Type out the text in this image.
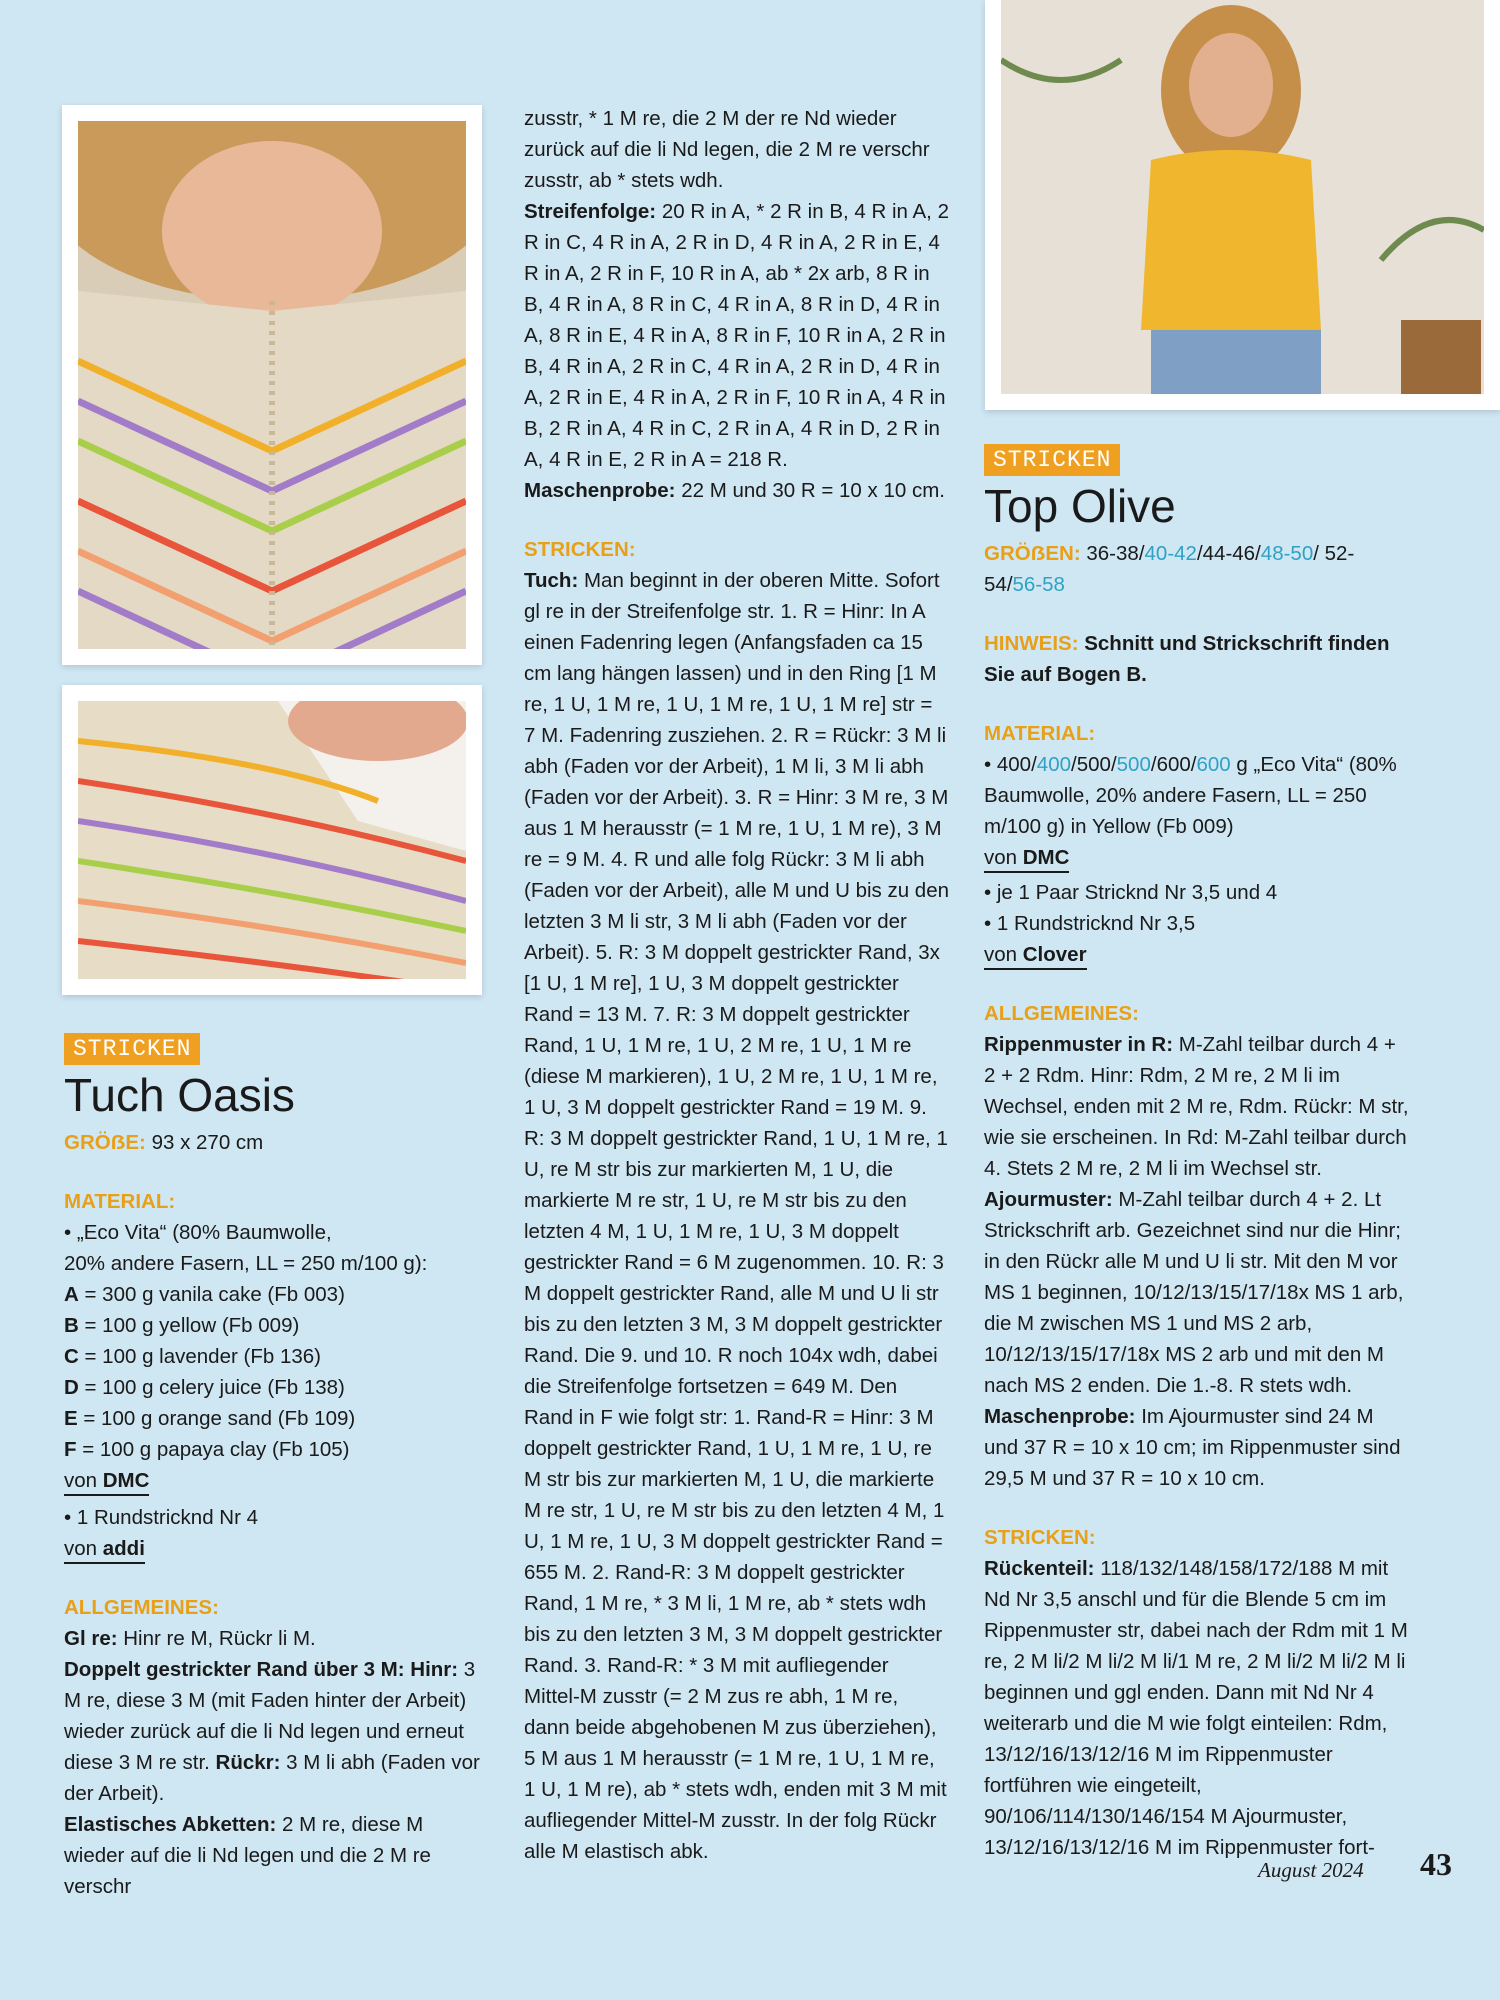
STRICKEN
Tuch Oasis

GRÖẞE: 93 x 270 cm

MATERIAL:

• „Eco Vita“ (80% Baumwolle,

20% andere Fasern, LL = 250 m/100 g):

A = 300 g vanila cake (Fb 003)

B = 100 g yellow (Fb 009)

C = 100 g lavender (Fb 136)

D = 100 g celery juice (Fb 138)

E = 100 g orange sand (Fb 109)

F = 100 g papaya clay (Fb 105)

von DMC

• 1 Rundstricknd Nr 4

von addi

ALLGEMEINES:

Gl re: Hinr re M, Rückr li M.

Doppelt gestrickter Rand über 3 M: Hinr: 3 M re, diese 3 M (mit Faden hinter der Arbeit) wieder zurück auf die li Nd legen und erneut diese 3 M re str. Rückr: 3 M li abh (Faden vor der Arbeit).

Elastisches Abketten: 2 M re, diese M wieder auf die li Nd legen und die 2 M re verschr

zusstr, * 1 M re, die 2 M der re Nd wieder zurück auf die li Nd legen, die 2 M re verschr zusstr, ab * stets wdh.

Streifenfolge: 20 R in A, * 2 R in B, 4 R in A, 2 R in C, 4 R in A, 2 R in D, 4 R in A, 2 R in E, 4 R in A, 2 R in F, 10 R in A, ab * 2x arb, 8 R in B, 4 R in A, 8 R in C, 4 R in A, 8 R in D, 4 R in A, 8 R in E, 4 R in A, 8 R in F, 10 R in A, 2 R in B, 4 R in A, 2 R in C, 4 R in A, 2 R in D, 4 R in A, 2 R in E, 4 R in A, 2 R in F, 10 R in A, 4 R in B, 2 R in A, 4 R in C, 2 R in A, 4 R in D, 2 R in A, 4 R in E, 2 R in A = 218 R.

Maschenprobe: 22 M und 30 R = 10 x 10 cm.

STRICKEN:

Tuch: Man beginnt in der oberen Mitte. Sofort gl re in der Streifenfolge str. 1. R = Hinr: In A einen Fadenring legen (Anfangsfaden ca 15 cm lang hängen lassen) und in den Ring [1 M re, 1 U, 1 M re, 1 U, 1 M re, 1 U, 1 M re] str = 7 M. Fadenring zusziehen. 2. R = Rückr: 3 M li abh (Faden vor der Arbeit), 1 M li, 3 M li abh (Faden vor der Arbeit). 3. R = Hinr: 3 M re, 3 M aus 1 M herausstr (= 1 M re, 1 U, 1 M re), 3 M re = 9 M. 4. R und alle folg Rückr: 3 M li abh (Faden vor der Arbeit), alle M und U bis zu den letzten 3 M li str, 3 M li abh (Faden vor der Arbeit). 5. R: 3 M doppelt gestrickter Rand, 3x [1 U, 1 M re], 1 U, 3 M doppelt gestrickter Rand = 13 M. 7. R: 3 M doppelt gestrickter Rand, 1 U, 1 M re, 1 U, 2 M re, 1 U, 1 M re (diese M markieren), 1 U, 2 M re, 1 U, 1 M re, 1 U, 3 M doppelt gestrickter Rand = 19 M. 9. R: 3 M doppelt gestrickter Rand, 1 U, 1 M re, 1 U, re M str bis zur markierten M, 1 U, die markierte M re str, 1 U, re M str bis zu den letzten 4 M, 1 U, 1 M re, 1 U, 3 M doppelt gestrickter Rand = 6 M zugenommen. 10. R: 3 M doppelt gestrickter Rand, alle M und U li str bis zu den letzten 3 M, 3 M doppelt gestrickter Rand. Die 9. und 10. R noch 104x wdh, dabei die Streifenfolge fortsetzen = 649 M. Den Rand in F wie folgt str: 1. Rand-R = Hinr: 3 M doppelt gestrickter Rand, 1 U, 1 M re, 1 U, re M str bis zur markierten M, 1 U, die markierte M re str, 1 U, re M str bis zu den letzten 4 M, 1 U, 1 M re, 1 U, 3 M doppelt gestrickter Rand = 655 M. 2. Rand-R: 3 M doppelt gestrickter Rand, 1 M re, * 3 M li, 1 M re, ab * stets wdh bis zu den letzten 3 M, 3 M doppelt gestrickter Rand. 3. Rand-R: * 3 M mit aufliegender Mittel-M zusstr (= 2 M zus re abh, 1 M re, dann beide abgehobenen M zus überziehen), 5 M aus 1 M herausstr (= 1 M re, 1 U, 1 M re, 1 U, 1 M re), ab * stets wdh, enden mit 3 M mit aufliegender Mittel-M zusstr. In der folg Rückr alle M elastisch abk.

STRICKEN
Top Olive

GRÖẞEN: 36-38/40-42/44-46/48-50/ 52-54/56-58

HINWEIS: Schnitt und Strickschrift finden Sie auf Bogen B.

MATERIAL:

• 400/400/500/500/600/600 g „Eco Vita“ (80% Baumwolle, 20% andere Fasern, LL = 250 m/100 g) in Yellow (Fb 009)

von DMC

• je 1 Paar Stricknd Nr 3,5 und 4

• 1 Rundstricknd Nr 3,5

von Clover

ALLGEMEINES:

Rippenmuster in R: M-Zahl teilbar durch 4 + 2 + 2 Rdm. Hinr: Rdm, 2 M re, 2 M li im Wechsel, enden mit 2 M re, Rdm. Rückr: M str, wie sie erscheinen. In Rd: M-Zahl teilbar durch 4. Stets 2 M re, 2 M li im Wechsel str.

Ajourmuster: M-Zahl teilbar durch 4 + 2. Lt Strickschrift arb. Gezeichnet sind nur die Hinr; in den Rückr alle M und U li str. Mit den M vor MS 1 beginnen, 10/12/13/15/17/18x MS 1 arb, die M zwischen MS 1 und MS 2 arb, 10/12/13/15/17/18x MS 2 arb und mit den M nach MS 2 enden. Die 1.-8. R stets wdh.

Maschenprobe: Im Ajourmuster sind 24 M und 37 R = 10 x 10 cm; im Rippenmuster sind 29,5 M und 37 R = 10 x 10 cm.

STRICKEN:

Rückenteil: 118/132/148/158/172/188 M mit Nd Nr 3,5 anschl und für die Blende 5 cm im Rippenmuster str, dabei nach der Rdm mit 1 M re, 2 M li/2 M li/2 M li/1 M re, 2 M li/2 M li/2 M li beginnen und ggl enden. Dann mit Nd Nr 4 weiterarb und die M wie folgt einteilen: Rdm, 13/12/16/13/12/16 M im Rippenmuster fortführen wie eingeteilt, 90/106/114/130/146/154 M Ajourmuster, 13/12/16/13/12/16 M im Rippenmuster fort-

August 2024 43
